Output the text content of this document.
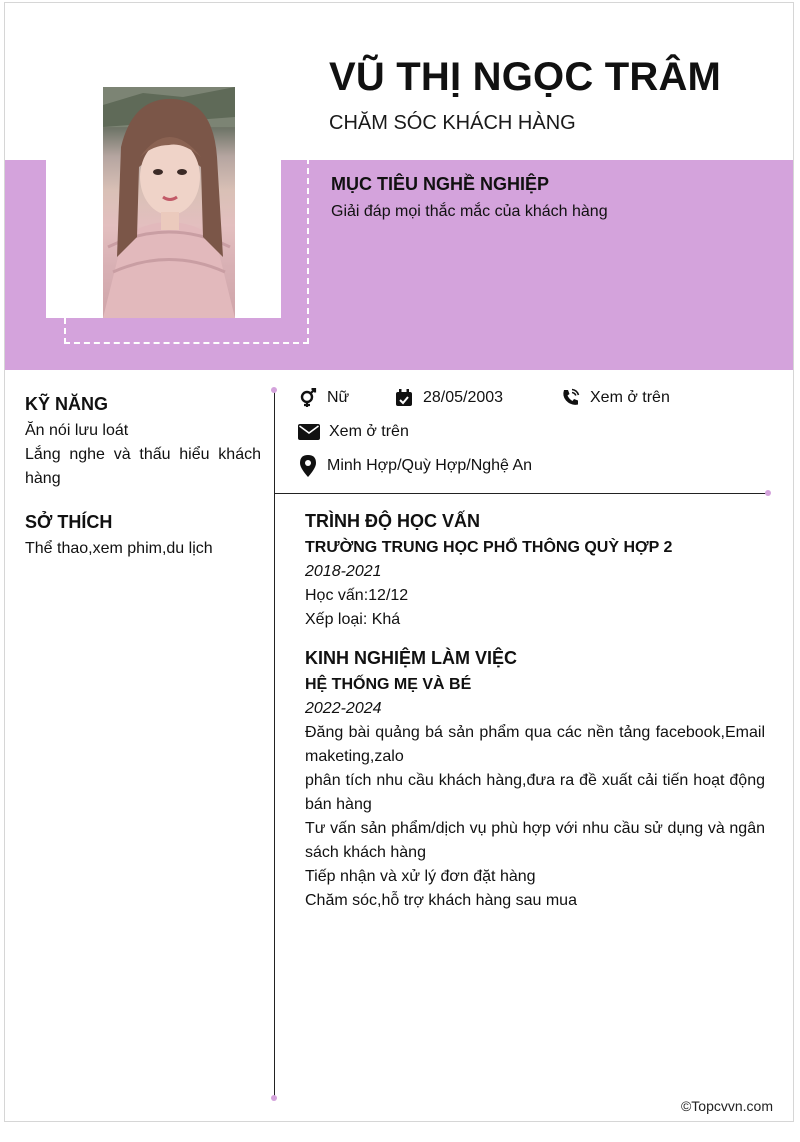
VŨ THỊ NGỌC TRÂM
CHĂM SÓC KHÁCH HÀNG
MỤC TIÊU NGHỀ NGHIỆP
Giải đáp mọi thắc mắc của khách hàng
KỸ NĂNG
Ăn nói lưu loát
Lắng nghe và thấu hiểu khách hàng
SỞ THÍCH
Thể thao,xem phim,du lịch
Nữ	28/05/2003	Xem ở trên
Xem ở trên
Minh Hợp/Quỳ Hợp/Nghệ An
TRÌNH ĐỘ HỌC VẤN
TRƯỜNG TRUNG HỌC PHỔ THÔNG QUỲ HỢP 2
2018-2021
Học vấn:12/12
Xếp loại: Khá
KINH NGHIỆM LÀM VIỆC
HỆ THỐNG MẸ VÀ BÉ
2022-2024
Đăng bài quảng bá sản phẩm qua các nền tảng facebook,Email maketing,zalo
phân tích nhu cầu khách hàng,đưa ra đề xuất cải tiến hoạt động bán hàng
Tư vấn sản phẩm/dịch vụ phù hợp với nhu cầu sử dụng và ngân sách khách hàng
Tiếp nhận và xử lý đơn đặt hàng
Chăm sóc,hỗ trợ khách hàng sau mua
©Topcvvn.com
